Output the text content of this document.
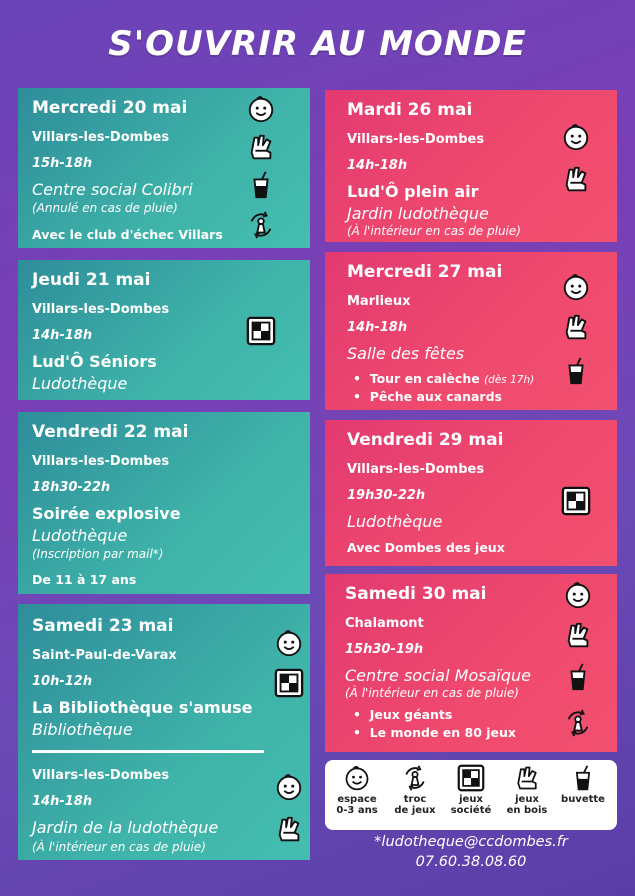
S'OUVRIR AU MONDE
Mercredi 20 mai
Villars-les-Dombes
15h-18h
Centre social Colibri
(Annulé en cas de pluie)
Avec le club d'échec Villars
Jeudi 21 mai
Villars-les-Dombes
14h-18h
Lud'Ô Séniors
Ludothèque
Vendredi 22 mai
Villars-les-Dombes
18h30-22h
Soirée explosive
Ludothèque
(Inscription par mail*)
De 11 à 17 ans
Samedi 23 mai
Saint-Paul-de-Varax
10h-12h
La Bibliothèque s'amuse
Bibliothèque
Villars-les-Dombes
14h-18h
Jardin de la ludothèque
(À l'intérieur en cas de pluie)
Mardi 26 mai
Villars-les-Dombes
14h-18h
Lud'Ô plein air
Jardin ludothèque
(À l'intérieur en cas de pluie)
Mercredi 27 mai
Marlieux
14h-18h
Salle des fêtes
•  Tour en calèche (dès 17h)
•  Pêche aux canards
Vendredi 29 mai
Villars-les-Dombes
19h30-22h
Ludothèque
Avec Dombes des jeux
Samedi 30 mai
Chalamont
15h30-19h
Centre social Mosaïque
(À l'intérieur en cas de pluie)
•  Jeux géants
•  Le monde en 80 jeux
espace
0-3 ans
troc
de jeux
jeux
société
jeux
en bois
buvette
*ludotheque@ccdombes.fr
07.60.38.08.60
